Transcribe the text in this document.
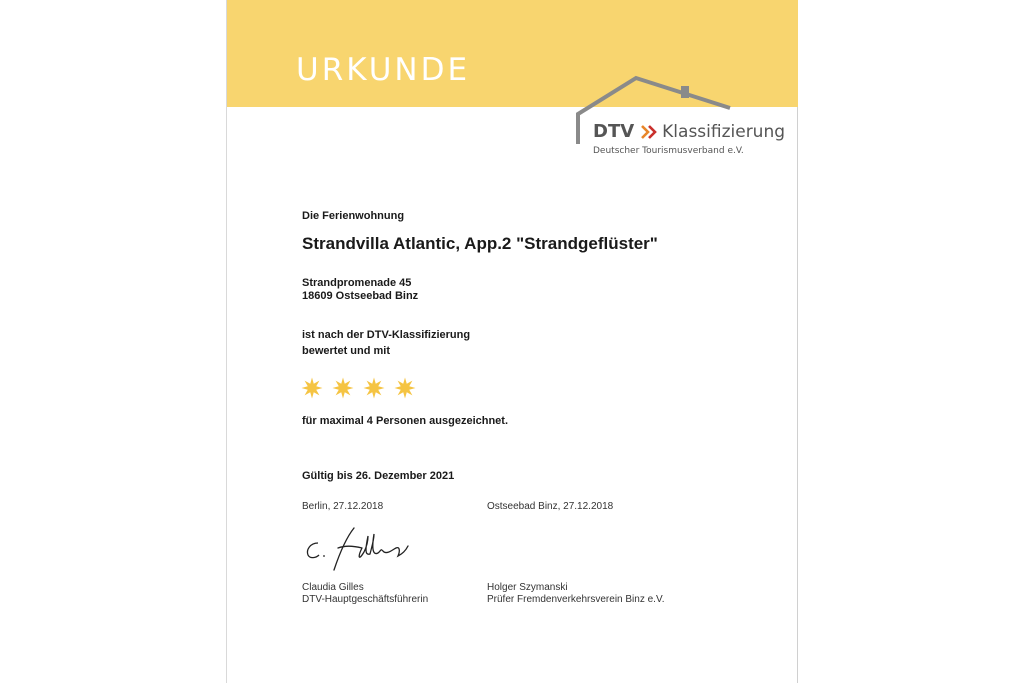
URKUNDE
DTV Klassifizierung
Deutscher Tourismusverband e.V.
Die Ferienwohnung
Strandvilla Atlantic, App.2 "Strandgeflüster"
Strandpromenade 45
18609 Ostseebad Binz
ist nach der DTV-Klassifizierung
bewertet und mit
für maximal 4 Personen ausgezeichnet.
Gültig bis 26. Dezember 2021
Berlin, 27.12.2018	Ostseebad Binz, 27.12.2018
Claudia Gilles
DTV-Hauptgeschäftsführerin
Holger Szymanski
Prüfer Fremdenverkehrsverein Binz e.V.
